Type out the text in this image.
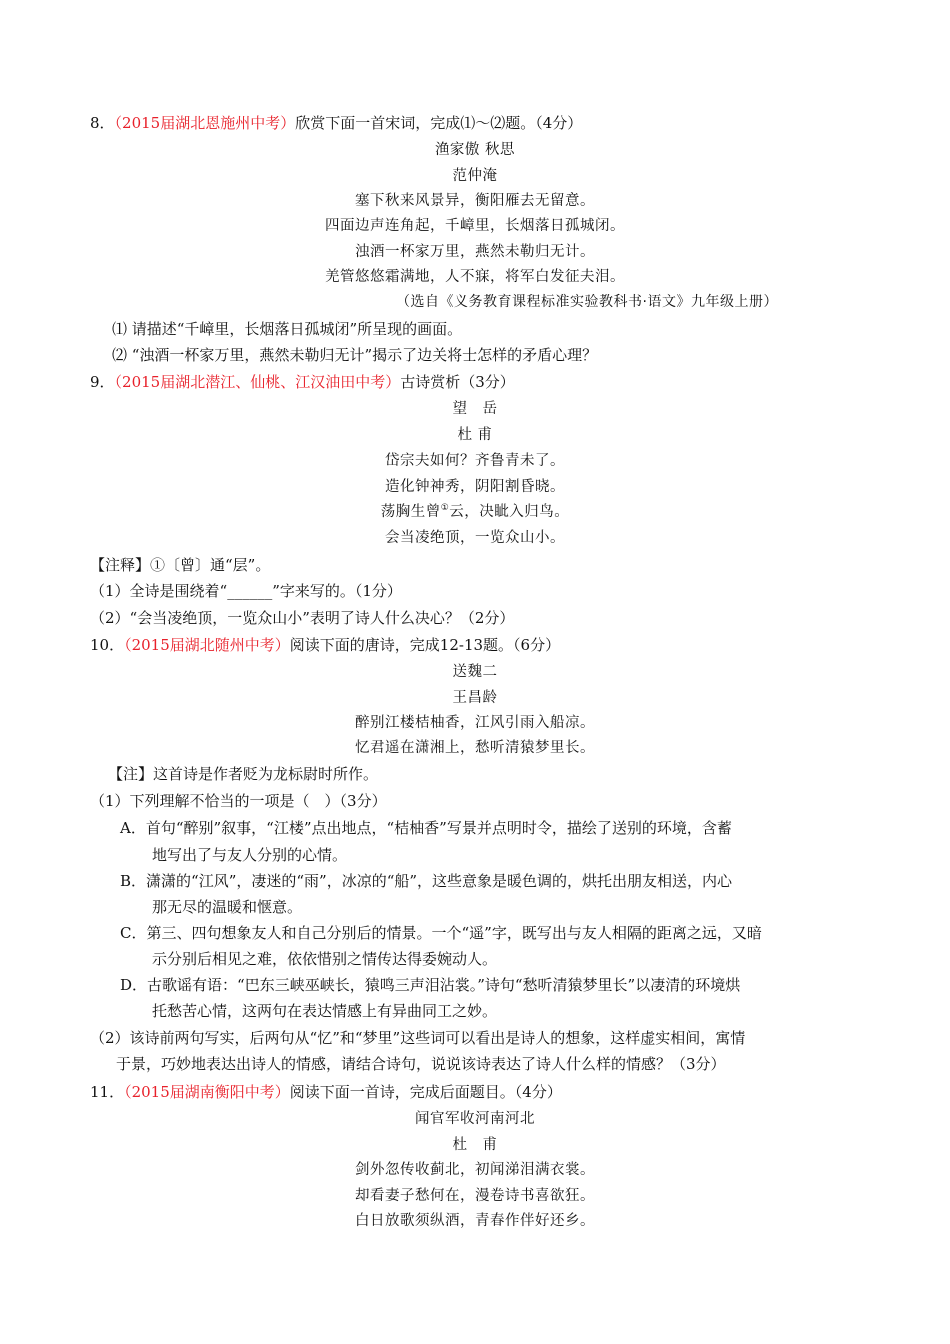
8．（2015届湖北恩施州中考）欣赏下面一首宋词，完成⑴～⑵题。（4分）
渔家傲 秋思
范仲淹
塞下秋来风景异，衡阳雁去无留意。
四面边声连角起，千嶂里，长烟落日孤城闭。
浊酒一杯家万里，燕然未勒归无计。
羌管悠悠霜满地，人不寐，将军白发征夫泪。
（选自《义务教育课程标准实验教科书·语文》九年级上册）
⑴ 请描述“千嶂里，长烟落日孤城闭”所呈现的画面。
⑵ “浊酒一杯家万里，燕然未勒归无计”揭示了边关将士怎样的矛盾心理？
9．（2015届湖北潜江、仙桃、江汉油田中考）古诗赏析（3分）
望　岳
杜 甫
岱宗夫如何？齐鲁青未了。
造化钟神秀，阴阳割昏晓。
荡胸生曾①云，决眦入归鸟。
会当凌绝顶，一览众山小。
【注释】①〔曾〕通“层”。
（1）全诗是围绕着“______”字来写的。（1分）
（2）“会当凌绝顶，一览众山小”表明了诗人什么决心？（2分）
10．（2015届湖北随州中考）阅读下面的唐诗，完成12-13题。（6分）
送魏二
王昌龄
醉别江楼桔柚香，江风引雨入船凉。
忆君遥在潇湘上，愁听清猿梦里长。
【注】这首诗是作者贬为龙标尉时所作。
（1）下列理解不恰当的一项是（　）（3分）
A．首句“醉别”叙事，“江楼”点出地点，“桔柚香”写景并点明时令，描绘了送别的环境，含蓄
地写出了与友人分别的心情。
B．潇潇的“江风”，凄迷的“雨”，冰凉的“船”，这些意象是暖色调的，烘托出朋友相送，内心
那无尽的温暖和惬意。
C．第三、四句想象友人和自己分别后的情景。一个“遥”字，既写出与友人相隔的距离之远，又暗
示分别后相见之难，依依惜别之情传达得委婉动人。
D．古歌谣有语：“巴东三峡巫峡长，猿鸣三声泪沾裳。”诗句“愁听清猿梦里长”以凄清的环境烘
托愁苦心情，这两句在表达情感上有异曲同工之妙。
（2）该诗前两句写实，后两句从“忆”和“梦里”这些词可以看出是诗人的想象，这样虚实相间，寓情
于景，巧妙地表达出诗人的情感，请结合诗句，说说该诗表达了诗人什么样的情感？（3分）
11．（2015届湖南衡阳中考）阅读下面一首诗，完成后面题目。（4分）
闻官军收河南河北
杜　甫
剑外忽传收蓟北，初闻涕泪满衣裳。
却看妻子愁何在，漫卷诗书喜欲狂。
白日放歌须纵酒，青春作伴好还乡。
